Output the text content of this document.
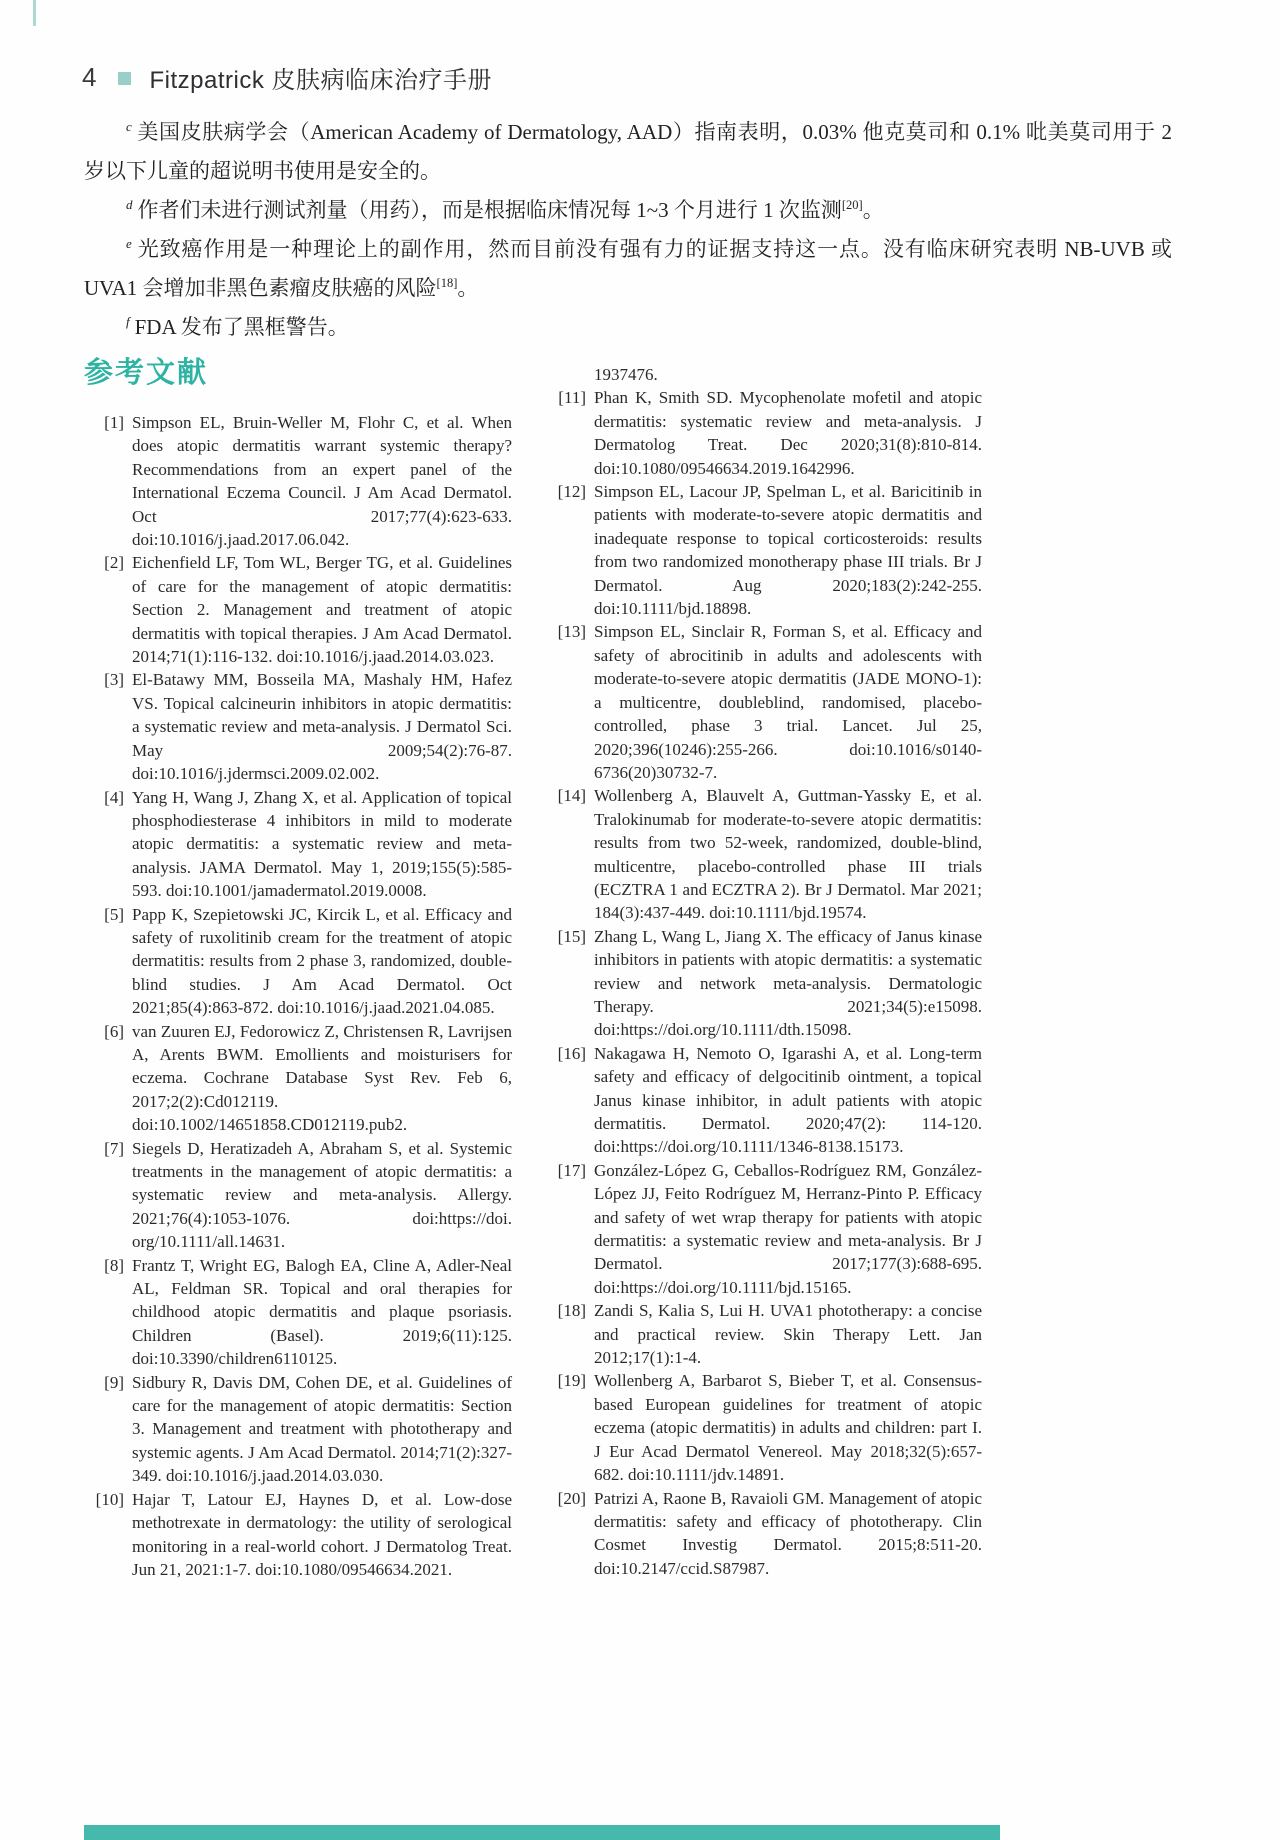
4 Fitzpatrick 皮肤病临床治疗手册

$^c$ 美国皮肤病学会（American Academy of Dermatology, AAD）指南表明，0.03% 他克莫司和 0.1% 吡美莫司用于 2 岁以下儿童的超说明书使用是安全的。

$^d$ 作者们未进行测试剂量（用药），而是根据临床情况每 1~3 个月进行 1 次监测[20]。

$^e$ 光致癌作用是一种理论上的副作用，然而目前没有强有力的证据支持这一点。没有临床研究表明 NB-UVB 或 UVA1 会增加非黑色素瘤皮肤癌的风险[18]。

$^f$ FDA 发布了黑框警告。

参考文献
[1] Simpson EL, Bruin-Weller M, Flohr C, et al. When does atopic dermatitis warrant systemic therapy? Recommendations from an expert panel of the International Eczema Council. J Am Acad Dermatol. Oct 2017;77(4):623-633. doi:10.1016/j.jaad.2017.06.042.
[2] Eichenfield LF, Tom WL, Berger TG, et al. Guidelines of care for the management of atopic dermatitis: Section 2. Management and treatment of atopic dermatitis with topical therapies. J Am Acad Dermatol. 2014;71(1):116-132. doi:10.1016/j.jaad.2014.03.023.
[3] El-Batawy MM, Bosseila MA, Mashaly HM, Hafez VS. Topical calcineurin inhibitors in atopic dermatitis: a systematic review and meta-analysis. J Dermatol Sci. May 2009;54(2):76-87. doi:10.1016/j.jdermsci.2009.02.002.
[4] Yang H, Wang J, Zhang X, et al. Application of topical phosphodiesterase 4 inhibitors in mild to moderate atopic dermatitis: a systematic review and meta-analysis. JAMA Dermatol. May 1, 2019;155(5):585-593. doi:10.1001/jamadermatol.2019.0008.
[5] Papp K, Szepietowski JC, Kircik L, et al. Efficacy and safety of ruxolitinib cream for the treatment of atopic dermatitis: results from 2 phase 3, randomized, double-blind studies. J Am Acad Dermatol. Oct 2021;85(4):863-872. doi:10.1016/j.jaad.2021.04.085.
[6] van Zuuren EJ, Fedorowicz Z, Christensen R, Lavrijsen A, Arents BWM. Emollients and moisturisers for eczema. Cochrane Database Syst Rev. Feb 6, 2017;2(2):Cd012119. doi:10.1002/14651858.CD012119.pub2.
[7] Siegels D, Heratizadeh A, Abraham S, et al. Systemic treatments in the management of atopic dermatitis: a systematic review and meta-analysis. Allergy. 2021;76(4):1053-1076. doi:https://doi. org/10.1111/all.14631.
[8] Frantz T, Wright EG, Balogh EA, Cline A, Adler-Neal AL, Feldman SR. Topical and oral therapies for childhood atopic dermatitis and plaque psoriasis. Children (Basel). 2019;6(11):125. doi:10.3390/children6110125.
[9] Sidbury R, Davis DM, Cohen DE, et al. Guidelines of care for the management of atopic dermatitis: Section 3. Management and treatment with phototherapy and systemic agents. J Am Acad Dermatol. 2014;71(2):327-349. doi:10.1016/j.jaad.2014.03.030.
[10] Hajar T, Latour EJ, Haynes D, et al. Low-dose methotrexate in dermatology: the utility of serological monitoring in a real-world cohort. J Dermatolog Treat. Jun 21, 2021:1-7. doi:10.1080/09546634.2021.
1937476.
[11] Phan K, Smith SD. Mycophenolate mofetil and atopic dermatitis: systematic review and meta-analysis. J Dermatolog Treat. Dec 2020;31(8):810-814. doi:10.1080/09546634.2019.1642996.
[12] Simpson EL, Lacour JP, Spelman L, et al. Baricitinib in patients with moderate-to-severe atopic dermatitis and inadequate response to topical corticosteroids: results from two randomized monotherapy phase III trials. Br J Dermatol. Aug 2020;183(2):242-255. doi:10.1111/bjd.18898.
[13] Simpson EL, Sinclair R, Forman S, et al. Efficacy and safety of abrocitinib in adults and adolescents with moderate-to-severe atopic dermatitis (JADE MONO-1): a multicentre, doubleblind, randomised, placebo-controlled, phase 3 trial. Lancet. Jul 25, 2020;396(10246):255-266. doi:10.1016/s0140-6736(20)30732-7.
[14] Wollenberg A, Blauvelt A, Guttman-Yassky E, et al. Tralokinumab for moderate-to-severe atopic dermatitis: results from two 52-week, randomized, double-blind, multicentre, placebo-controlled phase III trials (ECZTRA 1 and ECZTRA 2). Br J Dermatol. Mar 2021; 184(3):437-449. doi:10.1111/bjd.19574.
[15] Zhang L, Wang L, Jiang X. The efficacy of Janus kinase inhibitors in patients with atopic dermatitis: a systematic review and network meta-analysis. Dermatologic Therapy. 2021;34(5):e15098. doi:https://doi.org/10.1111/dth.15098.
[16] Nakagawa H, Nemoto O, Igarashi A, et al. Long-term safety and efficacy of delgocitinib ointment, a topical Janus kinase inhibitor, in adult patients with atopic dermatitis. Dermatol. 2020;47(2): 114-120. doi:https://doi.org/10.1111/1346-8138.15173.
[17] González-López G, Ceballos-Rodríguez RM, González-López JJ, Feito Rodríguez M, Herranz-Pinto P. Efficacy and safety of wet wrap therapy for patients with atopic dermatitis: a systematic review and meta-analysis. Br J Dermatol. 2017;177(3):688-695. doi:https://doi.org/10.1111/bjd.15165.
[18] Zandi S, Kalia S, Lui H. UVA1 phototherapy: a concise and practical review. Skin Therapy Lett. Jan 2012;17(1):1-4.
[19] Wollenberg A, Barbarot S, Bieber T, et al. Consensus-based European guidelines for treatment of atopic eczema (atopic dermatitis) in adults and children: part I. J Eur Acad Dermatol Venereol. May 2018;32(5):657-682. doi:10.1111/jdv.14891.
[20] Patrizi A, Raone B, Ravaioli GM. Management of atopic dermatitis: safety and efficacy of phototherapy. Clin Cosmet Investig Dermatol. 2015;8:511-20. doi:10.2147/ccid.S87987.
